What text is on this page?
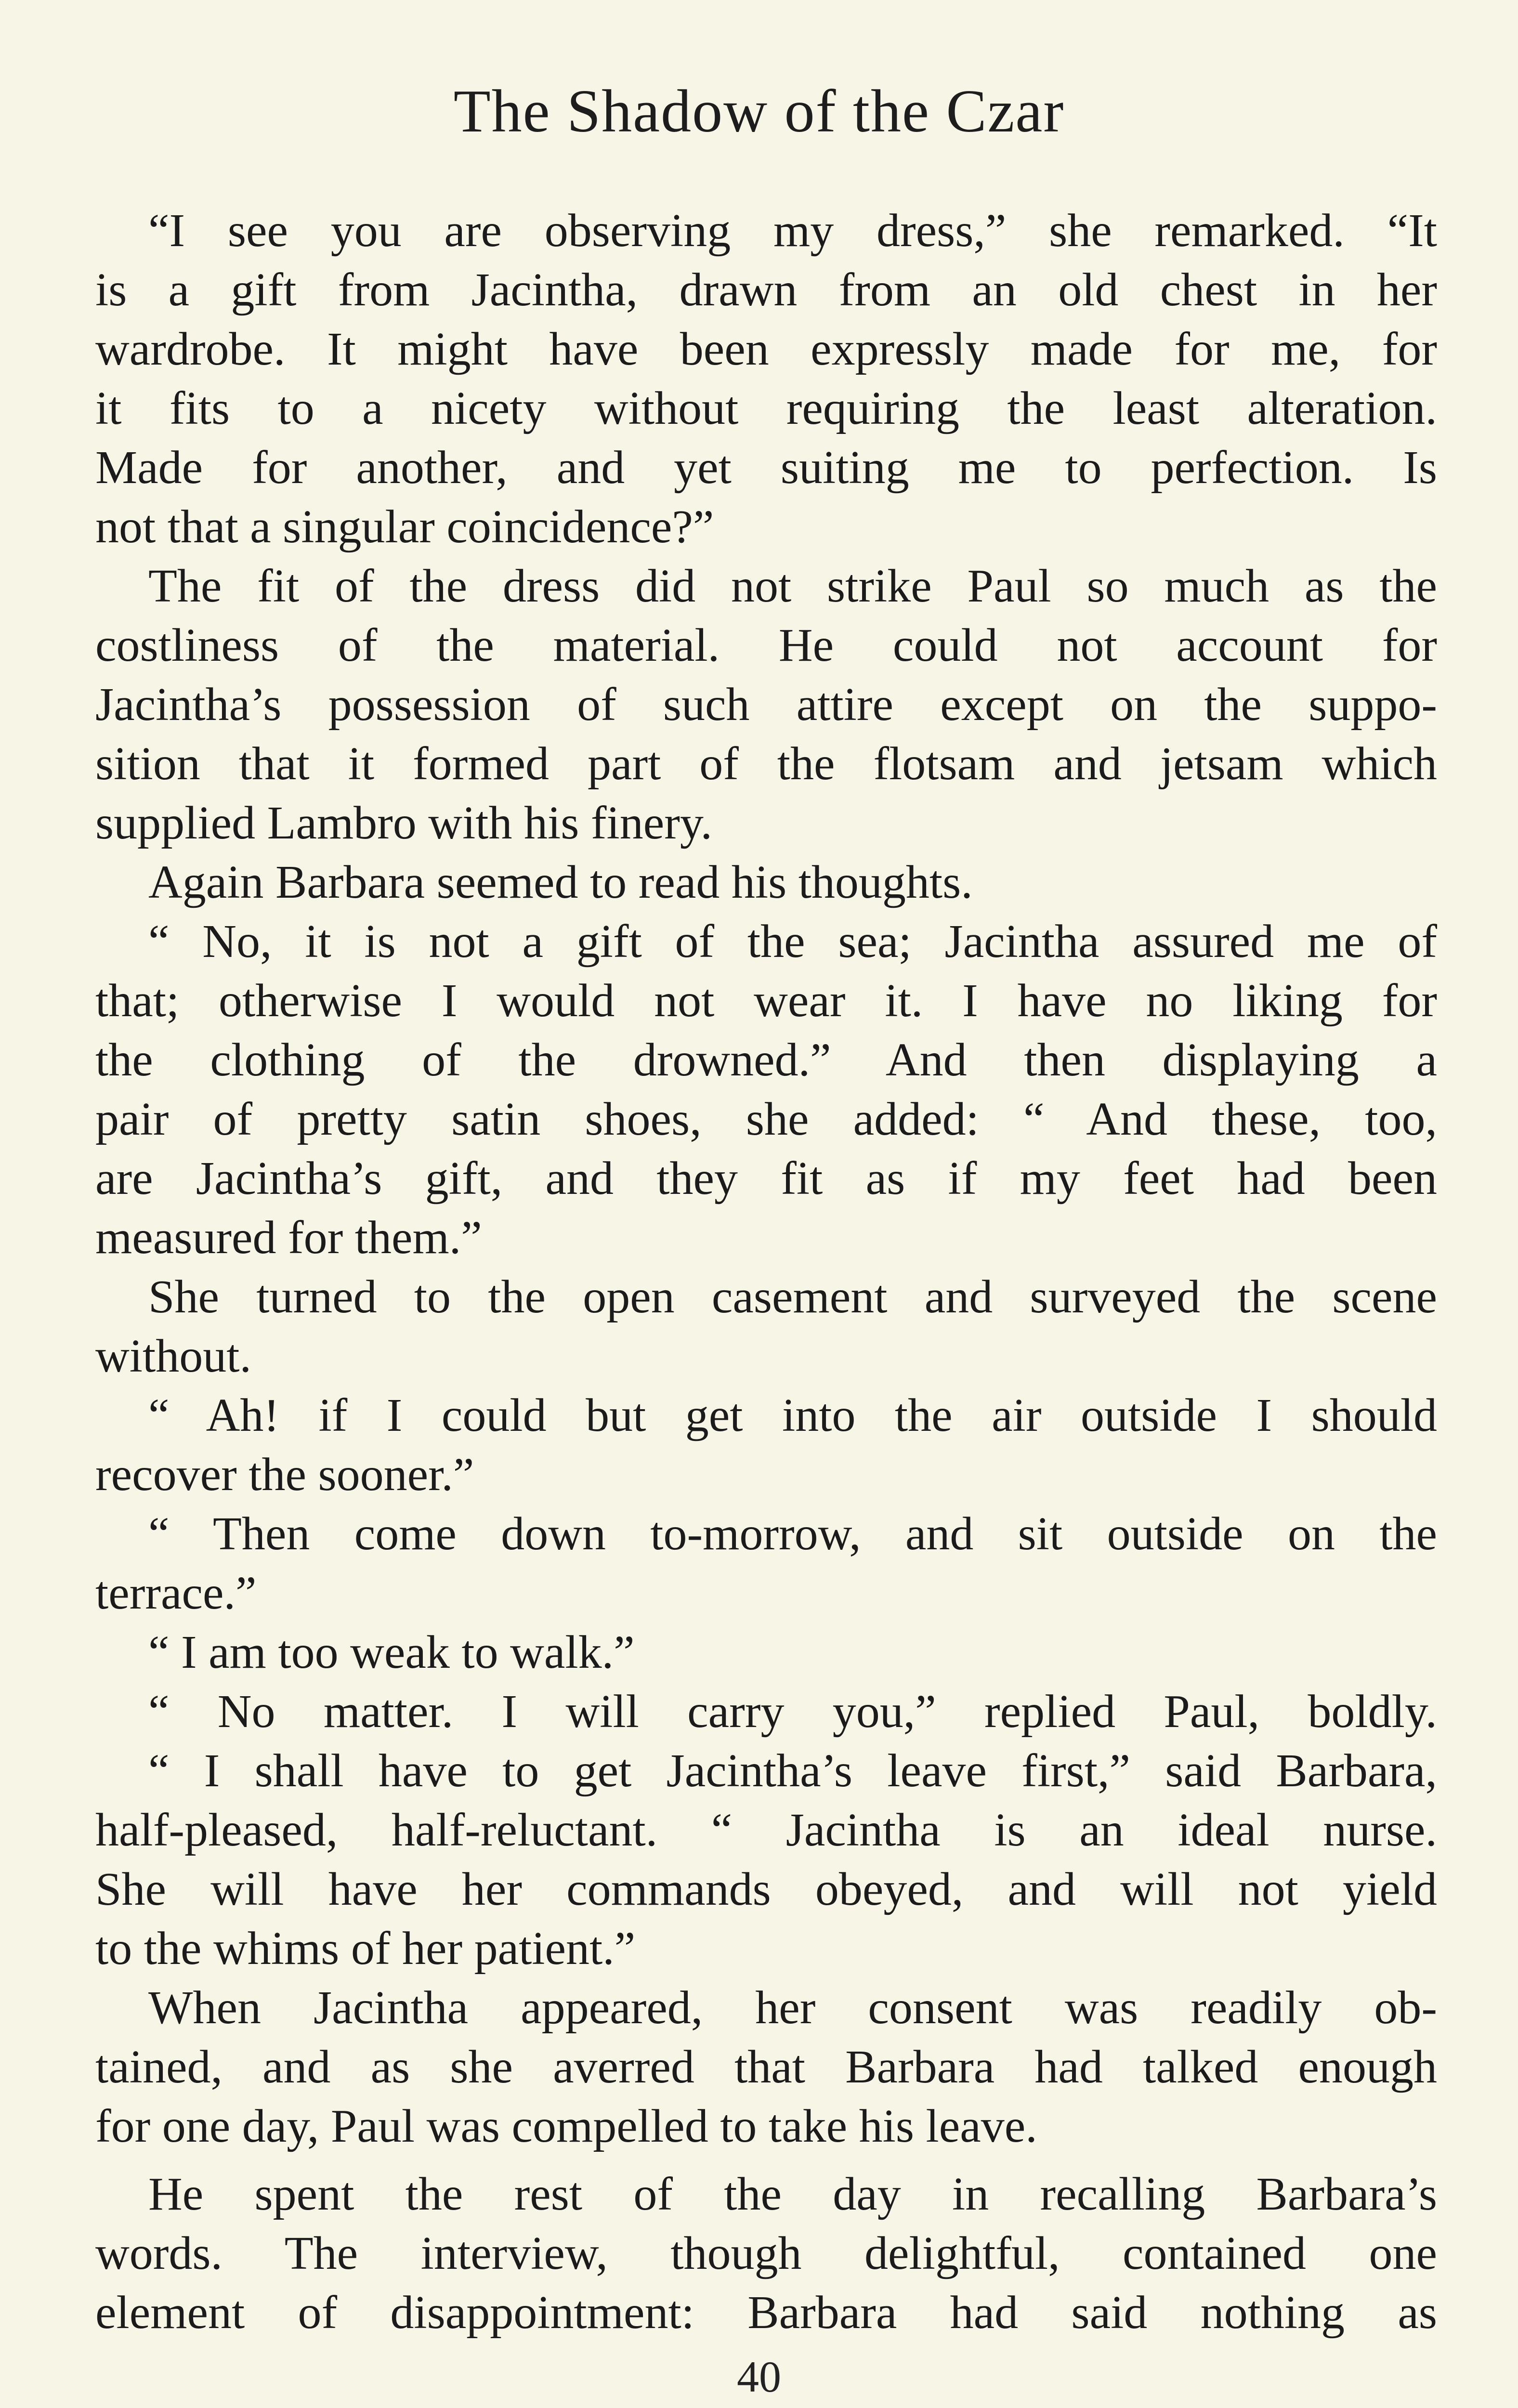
The Shadow of the Czar
“I see you are observing my dress,” she remarked. “It
is a gift from Jacintha, drawn from an old chest in her
wardrobe. It might have been expressly made for me, for
it fits to a nicety without requiring the least alteration.
Made for another, and yet suiting me to perfection. Is
not that a singular coincidence?”
The fit of the dress did not strike Paul so much as the
costliness of the material. He could not account for
Jacintha’s possession of such attire except on the suppo-
sition that it formed part of the flotsam and jetsam which
supplied Lambro with his finery.
Again Barbara seemed to read his thoughts.
“ No, it is not a gift of the sea; Jacintha assured me of
that; otherwise I would not wear it. I have no liking for
the clothing of the drowned.” And then displaying a
pair of pretty satin shoes, she added: “ And these, too,
are Jacintha’s gift, and they fit as if my feet had been
measured for them.”
She turned to the open casement and surveyed the scene
without.
“ Ah! if I could but get into the air outside I should
recover the sooner.”
“ Then come down to-morrow, and sit outside on the
terrace.”
“ I am too weak to walk.”
“ No matter. I will carry you,” replied Paul, boldly.
“ I shall have to get Jacintha’s leave first,” said Barbara,
half-pleased, half-reluctant. “ Jacintha is an ideal nurse.
She will have her commands obeyed, and will not yield
to the whims of her patient.”
When Jacintha appeared, her consent was readily ob-
tained, and as she averred that Barbara had talked enough
for one day, Paul was compelled to take his leave.
He spent the rest of the day in recalling Barbara’s
words. The interview, though delightful, contained one
element of disappointment: Barbara had said nothing as
40
